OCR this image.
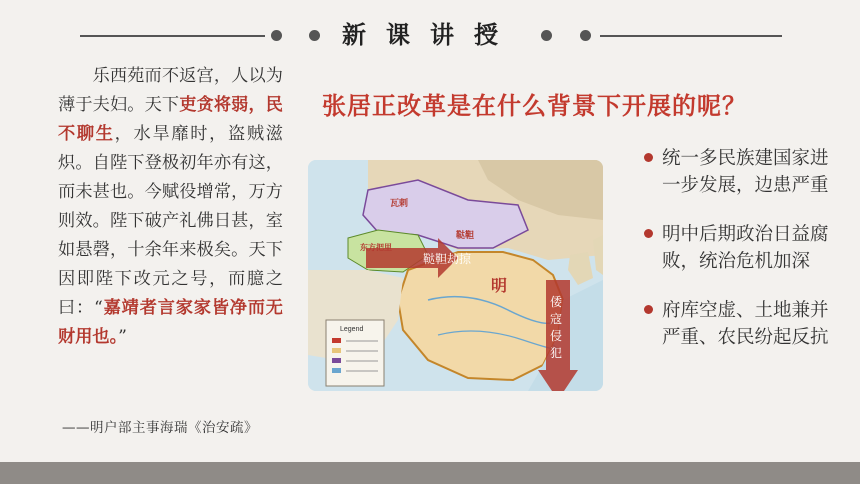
新课讲授
乐西苑而不返宫，人以为薄于夫妇。天下吏贪将弱，民不聊生，水旱靡时，盗贼滋炽。自陛下登极初年亦有这，而未甚也。今赋役增常，万方则效。陛下破产礼佛日甚，室如悬磬，十余年来极矣。天下因即陛下改元之号，而臆之曰：“嘉靖者言家家皆净而无财用也。”
——明户部主事海瑞《治安疏》
张居正改革是在什么背景下开展的呢？
Legend
瓦剌
鞑靼
东方把里
明
鞑靼劫掠
倭
寇
侵
犯
统一多民族建国家进一步发展，边患严重
明中后期政治日益腐败，统治危机加深
府库空虚、土地兼并严重、农民纷起反抗
